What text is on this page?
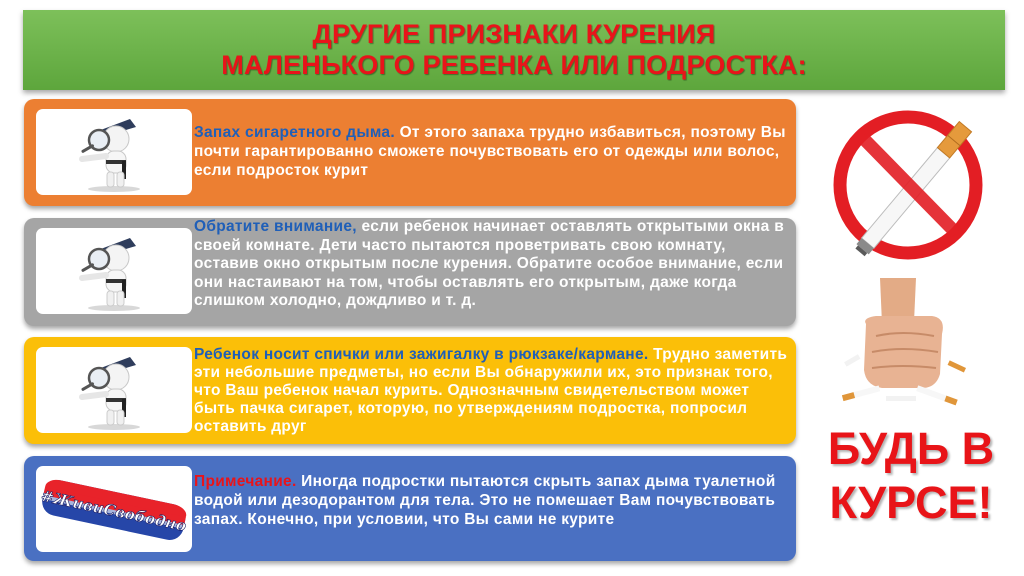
ДРУГИЕ ПРИЗНАКИ КУРЕНИЯ
МАЛЕНЬКОГО РЕБЕНКА ИЛИ ПОДРОСТКА:
Запах сигаретного дыма. От этого запаха трудно избавиться, поэтому Вы почти гарантированно сможете почувствовать его от одежды или волос, если подросток курит
Обратите внимание, если ребенок начинает оставлять открытыми окна в своей комнате. Дети часто пытаются проветривать свою комнату, оставив окно открытым после курения. Обратите особое внимание, если они настаивают на том, чтобы оставлять его открытым, даже когда слишком холодно, дождливо и т. д.
Ребенок носит спички или зажигалку в рюкзаке/кармане. Трудно заметить эти небольшие предметы, но если Вы обнаружили их, это признак того, что Ваш ребенок начал курить. Однозначным свидетельством может быть пачка сигарет, которую, по утверждениям подростка, попросил оставить друг
#ЖивиСвободно
Примечание. Иногда подростки пытаются скрыть запах дыма туалетной водой или дезодорантом для тела. Это не помешает Вам почувствовать запах. Конечно, при условии, что Вы сами не курите
БУДЬ В
КУРСЕ!
